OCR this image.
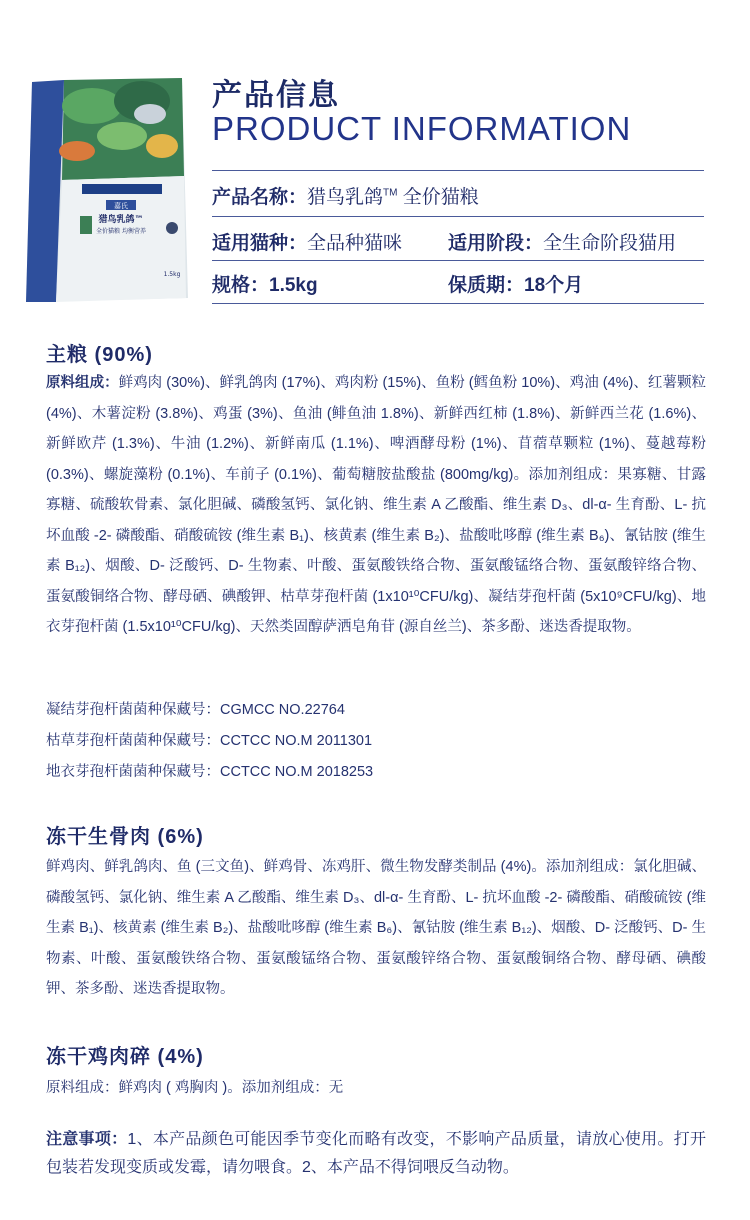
嘉氏
猎鸟乳鸽™
全价猫粮 均衡营养
1.5kg
产品信息
PRODUCT INFORMATION
产品名称：猎鸟乳鸽™ 全价猫粮
适用猫种：全品种猫咪 适用阶段：全生命阶段猫用
规格：1.5kg	保质期：18个月
主粮 (90%)
原料组成：鲜鸡肉 (30%)、鲜乳鸽肉 (17%)、鸡肉粉 (15%)、鱼粉 (鳕鱼粉 10%)、鸡油 (4%)、红薯颗粒 (4%)、木薯淀粉 (3.8%)、鸡蛋 (3%)、鱼油 (鲱鱼油 1.8%)、新鲜西红柿 (1.8%)、新鲜西兰花 (1.6%)、新鲜欧芹 (1.3%)、牛油 (1.2%)、新鲜南瓜 (1.1%)、啤酒酵母粉 (1%)、苜蓿草颗粒 (1%)、蔓越莓粉 (0.3%)、螺旋藻粉 (0.1%)、车前子 (0.1%)、葡萄糖胺盐酸盐 (800mg/kg)。添加剂组成：果寡糖、甘露寡糖、硫酸软骨素、氯化胆碱、磷酸氢钙、氯化钠、维生素 A 乙酸酯、维生素 D₃、dl-α- 生育酚、L- 抗坏血酸 -2- 磷酸酯、硝酸硫铵 (维生素 B₁)、核黄素 (维生素 B₂)、盐酸吡哆醇 (维生素 B₆)、氰钴胺 (维生素 B₁₂)、烟酸、D- 泛酸钙、D- 生物素、叶酸、蛋氨酸铁络合物、蛋氨酸锰络合物、蛋氨酸锌络合物、蛋氨酸铜络合物、酵母硒、碘酸钾、枯草芽孢杆菌 (1x10¹⁰CFU/kg)、凝结芽孢杆菌 (5x10⁹CFU/kg)、地衣芽孢杆菌 (1.5x10¹⁰CFU/kg)、天然类固醇萨洒皂角苷 (源自丝兰)、茶多酚、迷迭香提取物。
凝结芽孢杆菌菌种保藏号：CGMCC NO.22764
枯草芽孢杆菌菌种保藏号：CCTCC NO.M 2011301
地衣芽孢杆菌菌种保藏号：CCTCC NO.M 2018253
冻干生骨肉 (6%)
鲜鸡肉、鲜乳鸽肉、鱼 (三文鱼)、鲜鸡骨、冻鸡肝、微生物发酵类制品 (4%)。添加剂组成：氯化胆碱、磷酸氢钙、氯化钠、维生素 A 乙酸酯、维生素 D₃、dl-α- 生育酚、L- 抗坏血酸 -2- 磷酸酯、硝酸硫铵 (维生素 B₁)、核黄素 (维生素 B₂)、盐酸吡哆醇 (维生素 B₆)、氰钴胺 (维生素 B₁₂)、烟酸、D- 泛酸钙、D- 生物素、叶酸、蛋氨酸铁络合物、蛋氨酸锰络合物、蛋氨酸锌络合物、蛋氨酸铜络合物、酵母硒、碘酸钾、茶多酚、迷迭香提取物。
冻干鸡肉碎 (4%)
原料组成：鲜鸡肉 ( 鸡胸肉 )。添加剂组成：无
注意事项：1、本产品颜色可能因季节变化而略有改变，不影响产品质量，请放心使用。打开包装若发现变质或发霉，请勿喂食。2、本产品不得饲喂反刍动物。
